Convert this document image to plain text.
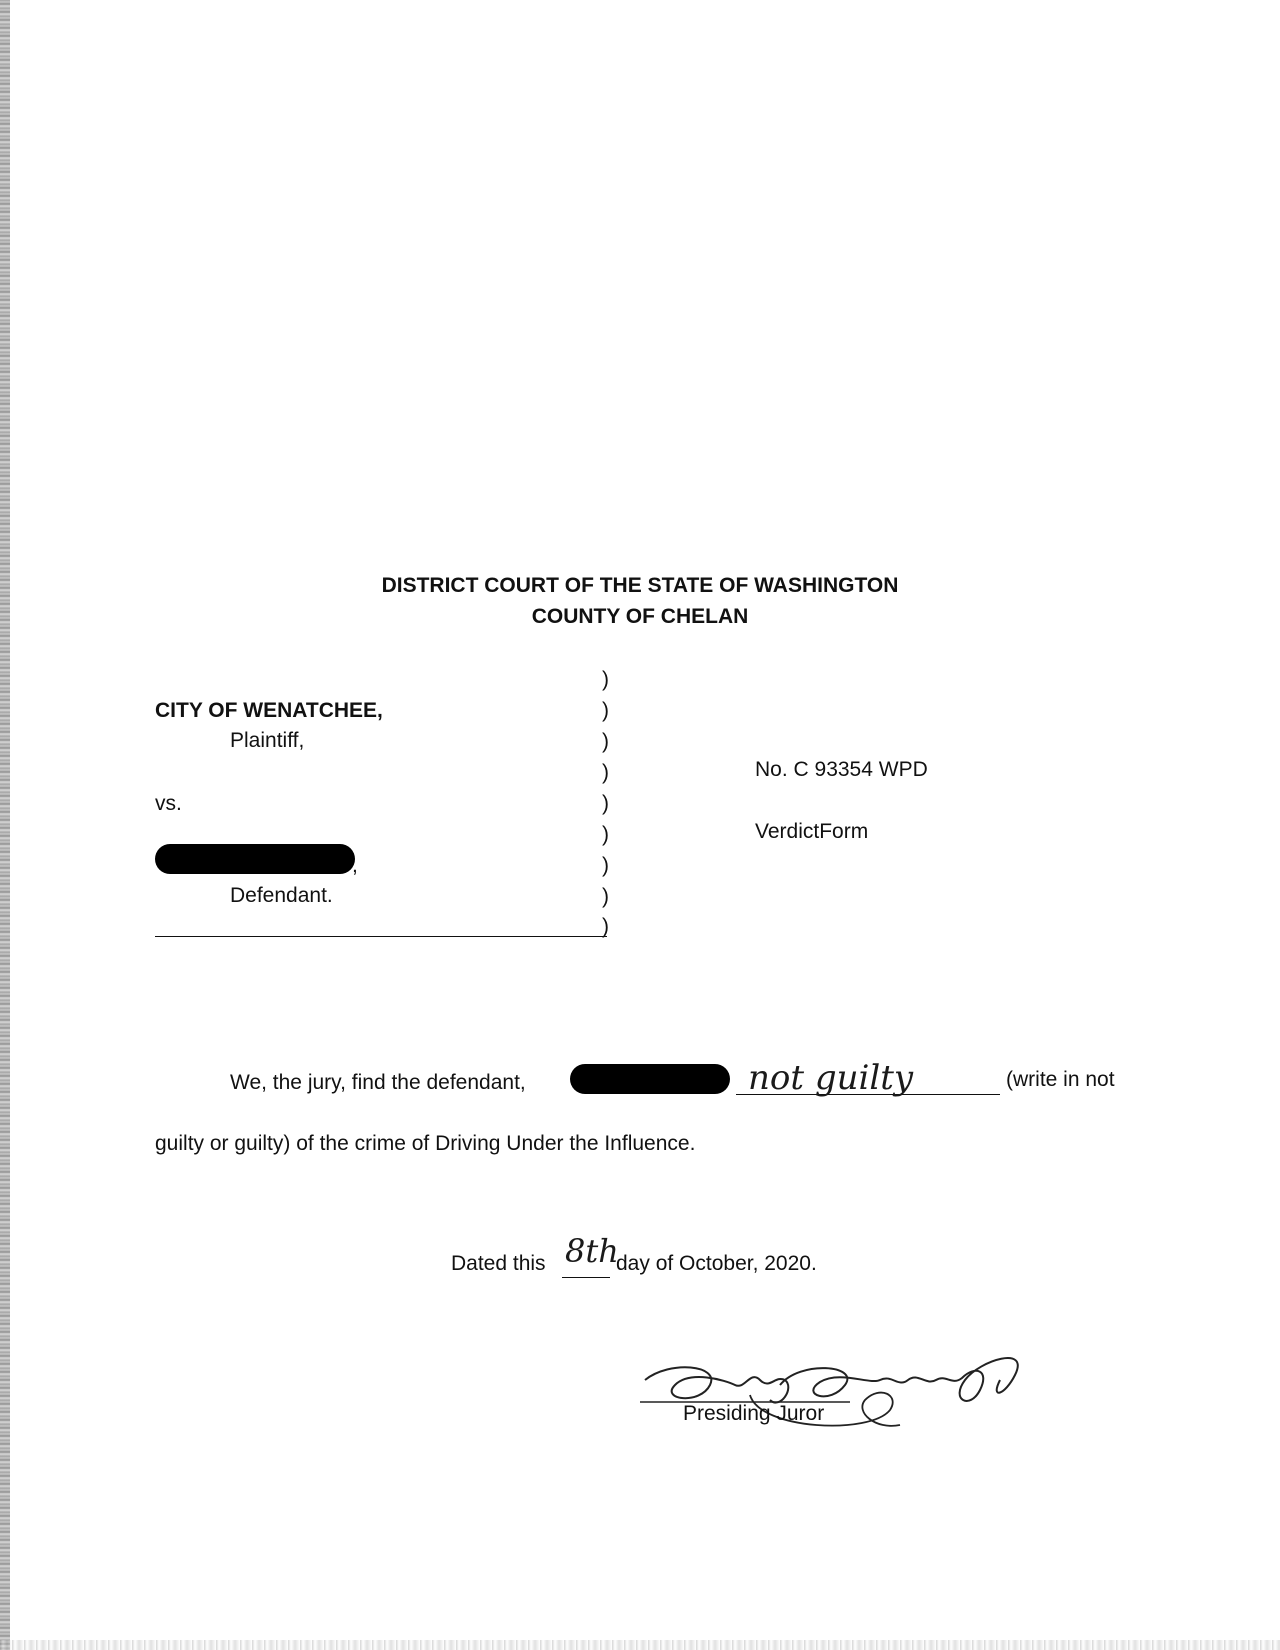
DISTRICT COURT OF THE STATE OF WASHINGTON
COUNTY OF CHELAN
CITY OF WENATCHEE,
Plaintiff,
vs.
,
Defendant.
)
)
)
)
)
)
)
)
)
No. C 93354 WPD
VerdictForm
We, the jury, find the defendant,	not guilty	(write in not
guilty or guilty) of the crime of Driving Under the Influence.
Dated this 8th
day of October, 2020.
Presiding Juror
